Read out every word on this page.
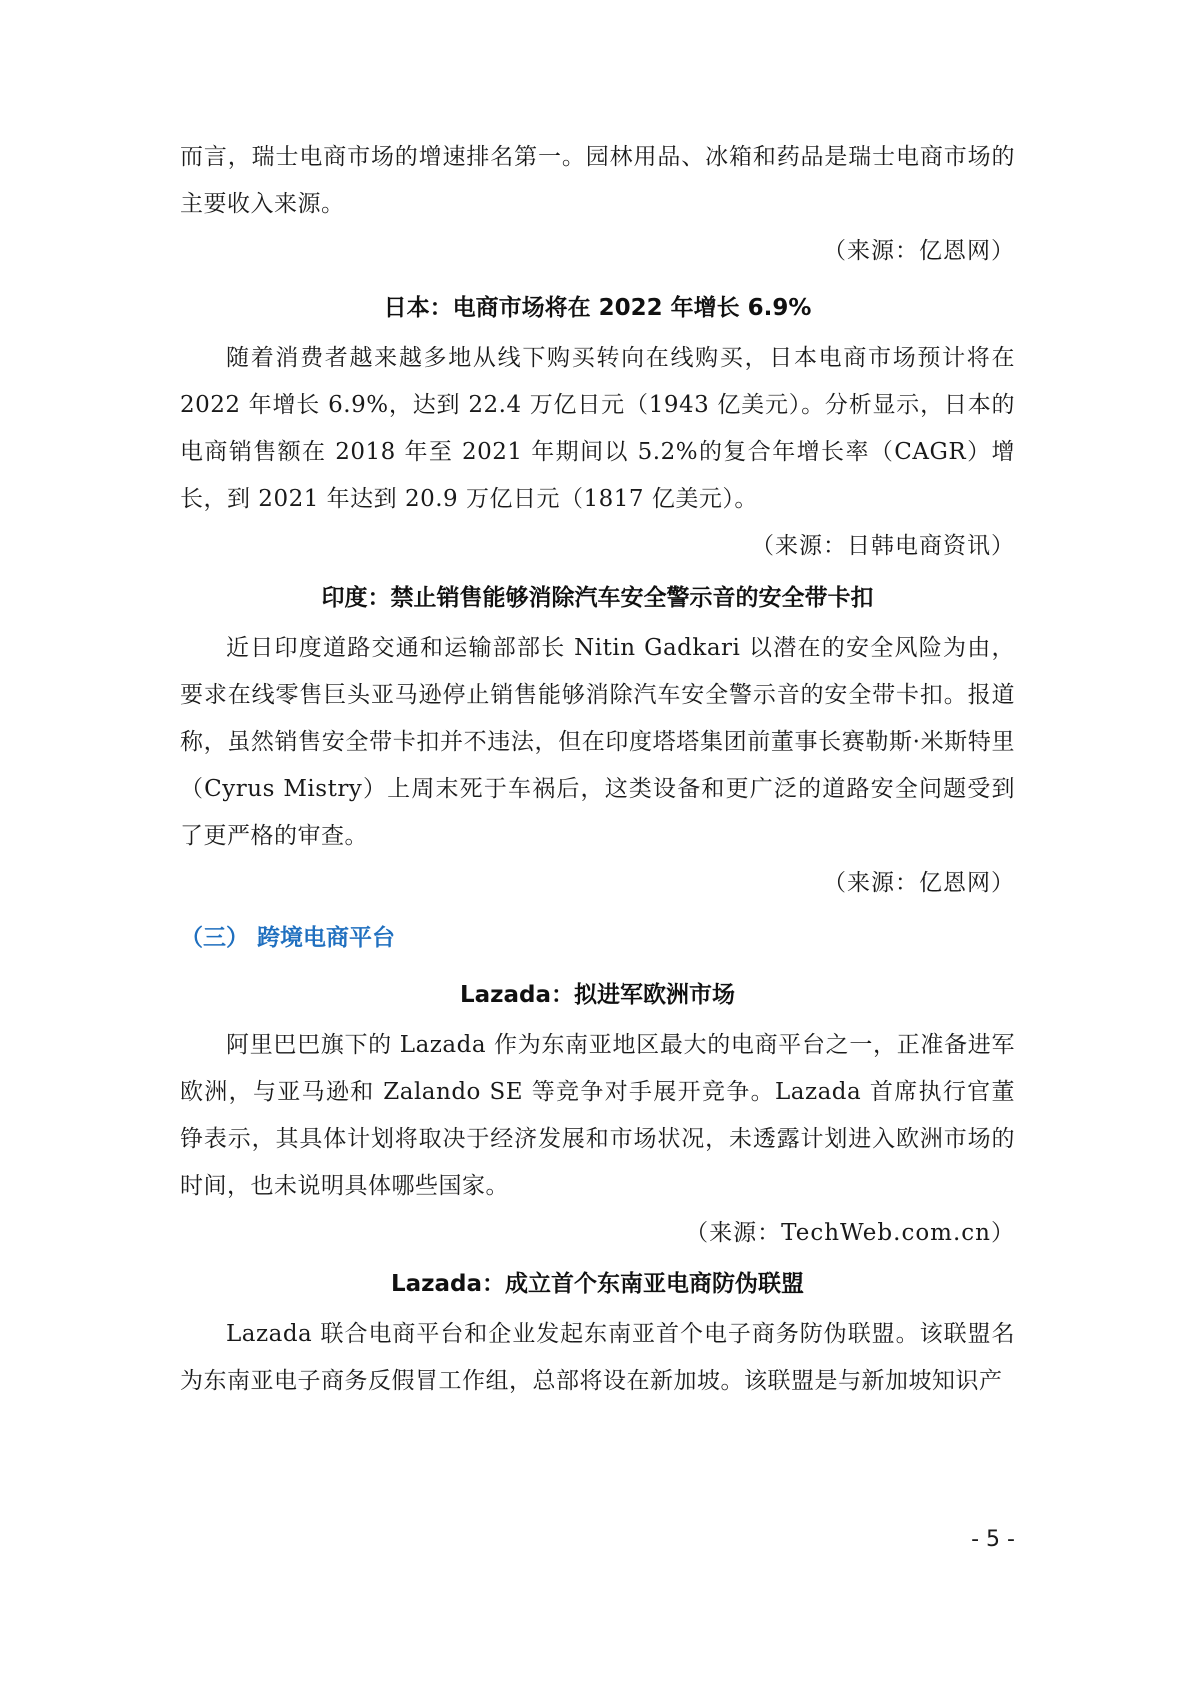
而言，瑞士电商市场的增速排名第一。园林用品、冰箱和药品是瑞士电商市场的主要收入来源。

（来源：亿恩网）

日本：电商市场将在 2022 年增长 6.9%

随着消费者越来越多地从线下购买转向在线购买，日本电商市场预计将在 2022 年增长 6.9%，达到 22.4 万亿日元（1943 亿美元）。分析显示，日本的电商销售额在 2018 年至 2021 年期间以 5.2%的复合年增长率（CAGR）增长，到 2021 年达到 20.9 万亿日元（1817 亿美元）。

（来源：日韩电商资讯）

印度：禁止销售能够消除汽车安全警示音的安全带卡扣

近日印度道路交通和运输部部长 Nitin Gadkari 以潜在的安全风险为由，要求在线零售巨头亚马逊停止销售能够消除汽车安全警示音的安全带卡扣。报道称，虽然销售安全带卡扣并不违法，但在印度塔塔集团前董事长赛勒斯·米斯特里（Cyrus Mistry）上周末死于车祸后，这类设备和更广泛的道路安全问题受到了更严格的审查。

（来源：亿恩网）

（三） 跨境电商平台
Lazada：拟进军欧洲市场

阿里巴巴旗下的 Lazada 作为东南亚地区最大的电商平台之一，正准备进军欧洲，与亚马逊和 Zalando SE 等竞争对手展开竞争。Lazada 首席执行官董铮表示，其具体计划将取决于经济发展和市场状况，未透露计划进入欧洲市场的时间，也未说明具体哪些国家。

（来源：TechWeb.com.cn）

Lazada：成立首个东南亚电商防伪联盟

Lazada 联合电商平台和企业发起东南亚首个电子商务防伪联盟。该联盟名为东南亚电子商务反假冒工作组，总部将设在新加坡。该联盟是与新加坡知识产

- 5 -
